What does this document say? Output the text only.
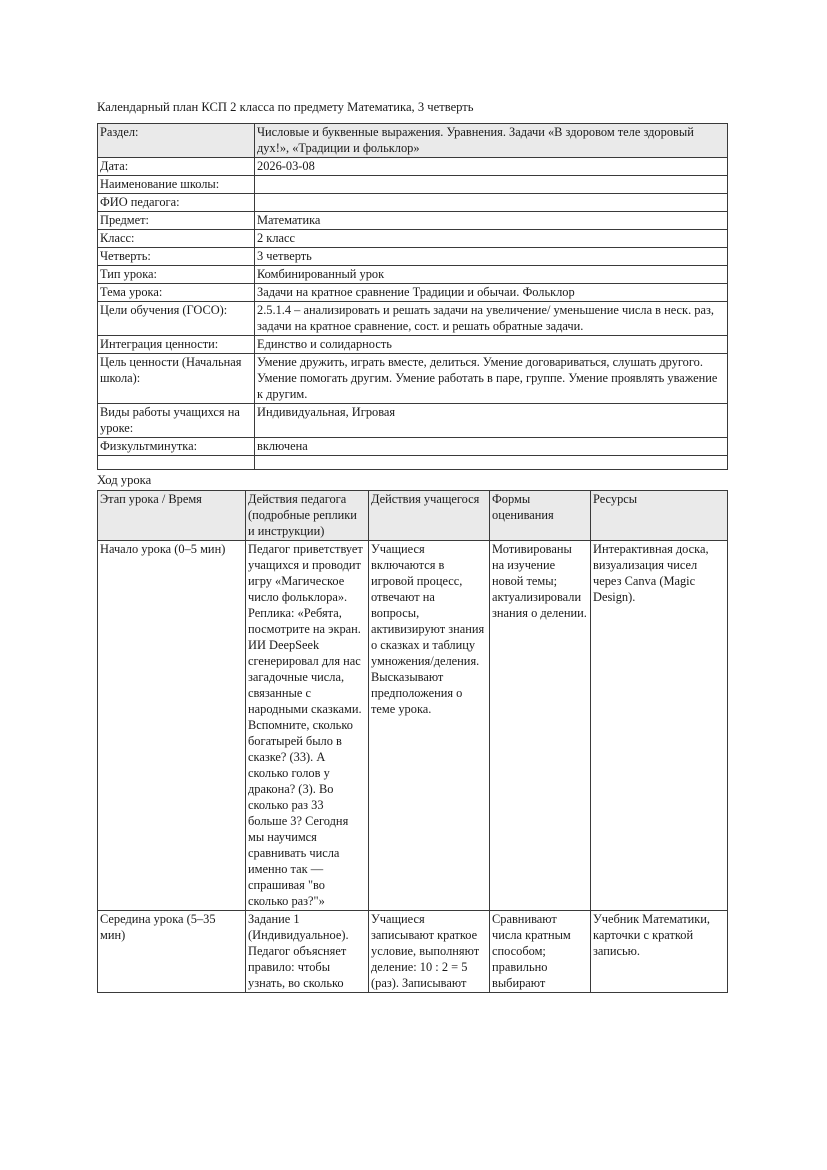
Календарный план КСП 2 класса по предмету Математика, 3 четверть

Раздел:	Числовые и буквенные выражения. Уравнения. Задачи «В здоровом теле здоровый дух!», «Традиции и фольклор»
Дата:	2026-03-08
Наименование школы:	
ФИО педагога:	
Предмет:	Математика
Класс:	2 класс
Четверть:	3 четверть
Тип урока:	Комбинированный урок
Тема урока:	Задачи на кратное сравнение Традиции и обычаи. Фольклор
Цели обучения (ГОСО):	2.5.1.4 – анализировать и решать задачи на увеличение/ уменьшение числа в неск. раз, задачи на кратное сравнение, сост. и решать обратные задачи.
Интеграция ценности:	Единство и солидарность
Цель ценности (Начальная школа):	Умение дружить, играть вместе, делиться. Умение договариваться, слушать другого. Умение помогать другим. Умение работать в паре, группе. Умение проявлять уважение к другим.
Виды работы учащихся на уроке:	Индивидуальная, Игровая
Физкультминутка:	включена

Ход урока

Этап урока / Время	Действия педагога (подробные реплики и инструкции)	Действия учащегося	Формы оценивания	Ресурсы
Начало урока (0–5 мин)	Педагог приветствует учащихся и проводит игру «Магическое число фольклора». Реплика: «Ребята, посмотрите на экран. ИИ DeepSeek сгенерировал для нас загадочные числа, связанные с народными сказками. Вспомните, сколько богатырей было в сказке? (33). А сколько голов у дракона? (3). Во сколько раз 33 больше 3? Сегодня мы научимся сравнивать числа именно так — спрашивая "во сколько раз?"»	Учащиеся включаются в игровой процесс, отвечают на вопросы, активизируют знания о сказках и таблицу умножения/деления. Высказывают предположения о теме урока.	Мотивированы на изучение новой темы; актуализировали знания о делении.	Интерактивная доска, визуализация чисел через Canva (Magic Design).

Середина урока (5–35 мин)	Задание 1 (Индивидуальное). Педагог объясняет правило: чтобы узнать, во сколько	Учащиеся записывают краткое условие, выполняют деление: 10 : 2 = 5 (раз). Записывают	Сравнивают числа кратным способом; правильно выбирают	Учебник Математики, карточки с краткой записью.
